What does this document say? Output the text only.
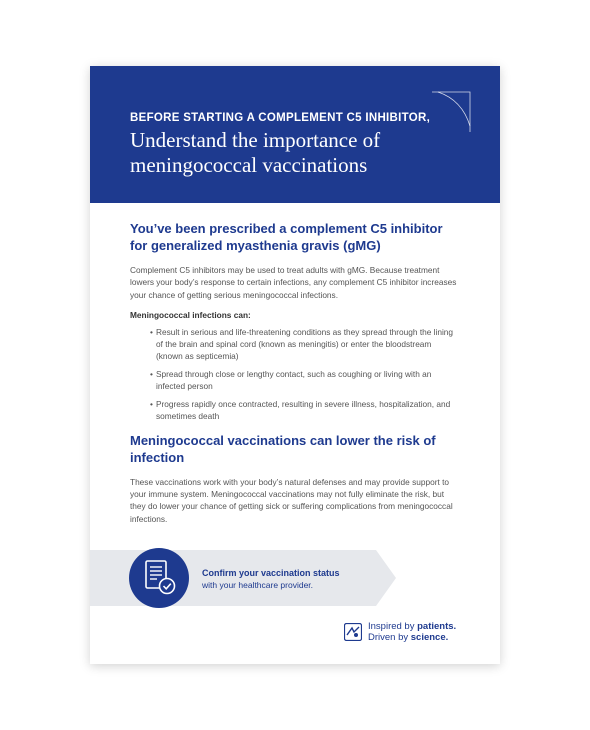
BEFORE STARTING A COMPLEMENT C5 INHIBITOR,
Understand the importance of meningococcal vaccinations
You’ve been prescribed a complement C5 inhibitor for generalized myasthenia gravis (gMG)
Complement C5 inhibitors may be used to treat adults with gMG. Because treatment lowers your body’s response to certain infections, any complement C5 inhibitor increases your chance of getting serious meningococcal infections.
Meningococcal infections can:
• Result in serious and life-threatening conditions as they spread through the lining of the brain and spinal cord (known as meningitis) or enter the bloodstream (known as septicemia)
• Spread through close or lengthy contact, such as coughing or living with an infected person
• Progress rapidly once contracted, resulting in severe illness, hospitalization, and sometimes death
Meningococcal vaccinations can lower the risk of infection
These vaccinations work with your body’s natural defenses and may provide support to your immune system. Meningococcal vaccinations may not fully eliminate the risk, but they do lower your chance of getting sick or suffering complications from meningococcal infections.
Confirm your vaccination status
with your healthcare provider.
Inspired by patients.
Driven by science.
